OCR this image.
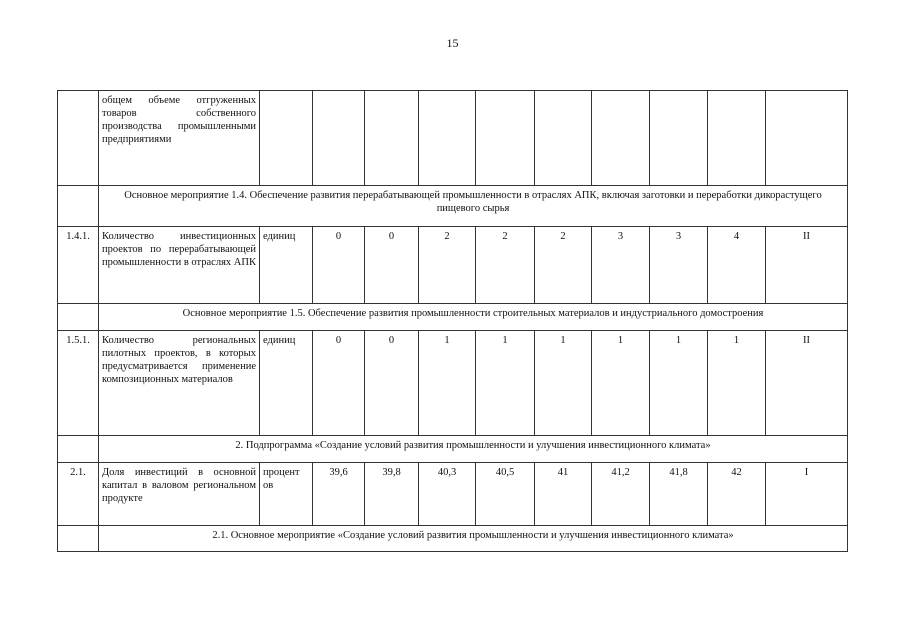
15
	общем объеме отгруженных товаров собственного производства промышленными предприятиями										
	Основное мероприятие 1.4. Обеспечение развития перерабатывающей промышленности в отраслях АПК, включая заготовки и переработки дикорастущего пищевого сырья										
1.4.1.	Количество инвестиционных проектов по перерабатывающей промышленности в отраслях АПК	единиц	0	0	2	2	2	3	3	4	II
	Основное мероприятие 1.5. Обеспечение развития промышленности строительных материалов и индустриального домостроения										
1.5.1.	Количество региональных пилотных проектов, в которых предусматривается применение композиционных материалов	единиц	0	0	1	1	1	1	1	1	II
	2. Подпрограмма «Создание условий развития промышленности и улучшения инвестиционного климата»										
2.1.	Доля инвестиций в основной капитал в валовом региональном продукте	процент ов	39,6	39,8	40,3	40,5	41	41,2	41,8	42	I
	2.1. Основное мероприятие «Создание условий развития промышленности и улучшения инвестиционного климата»										
